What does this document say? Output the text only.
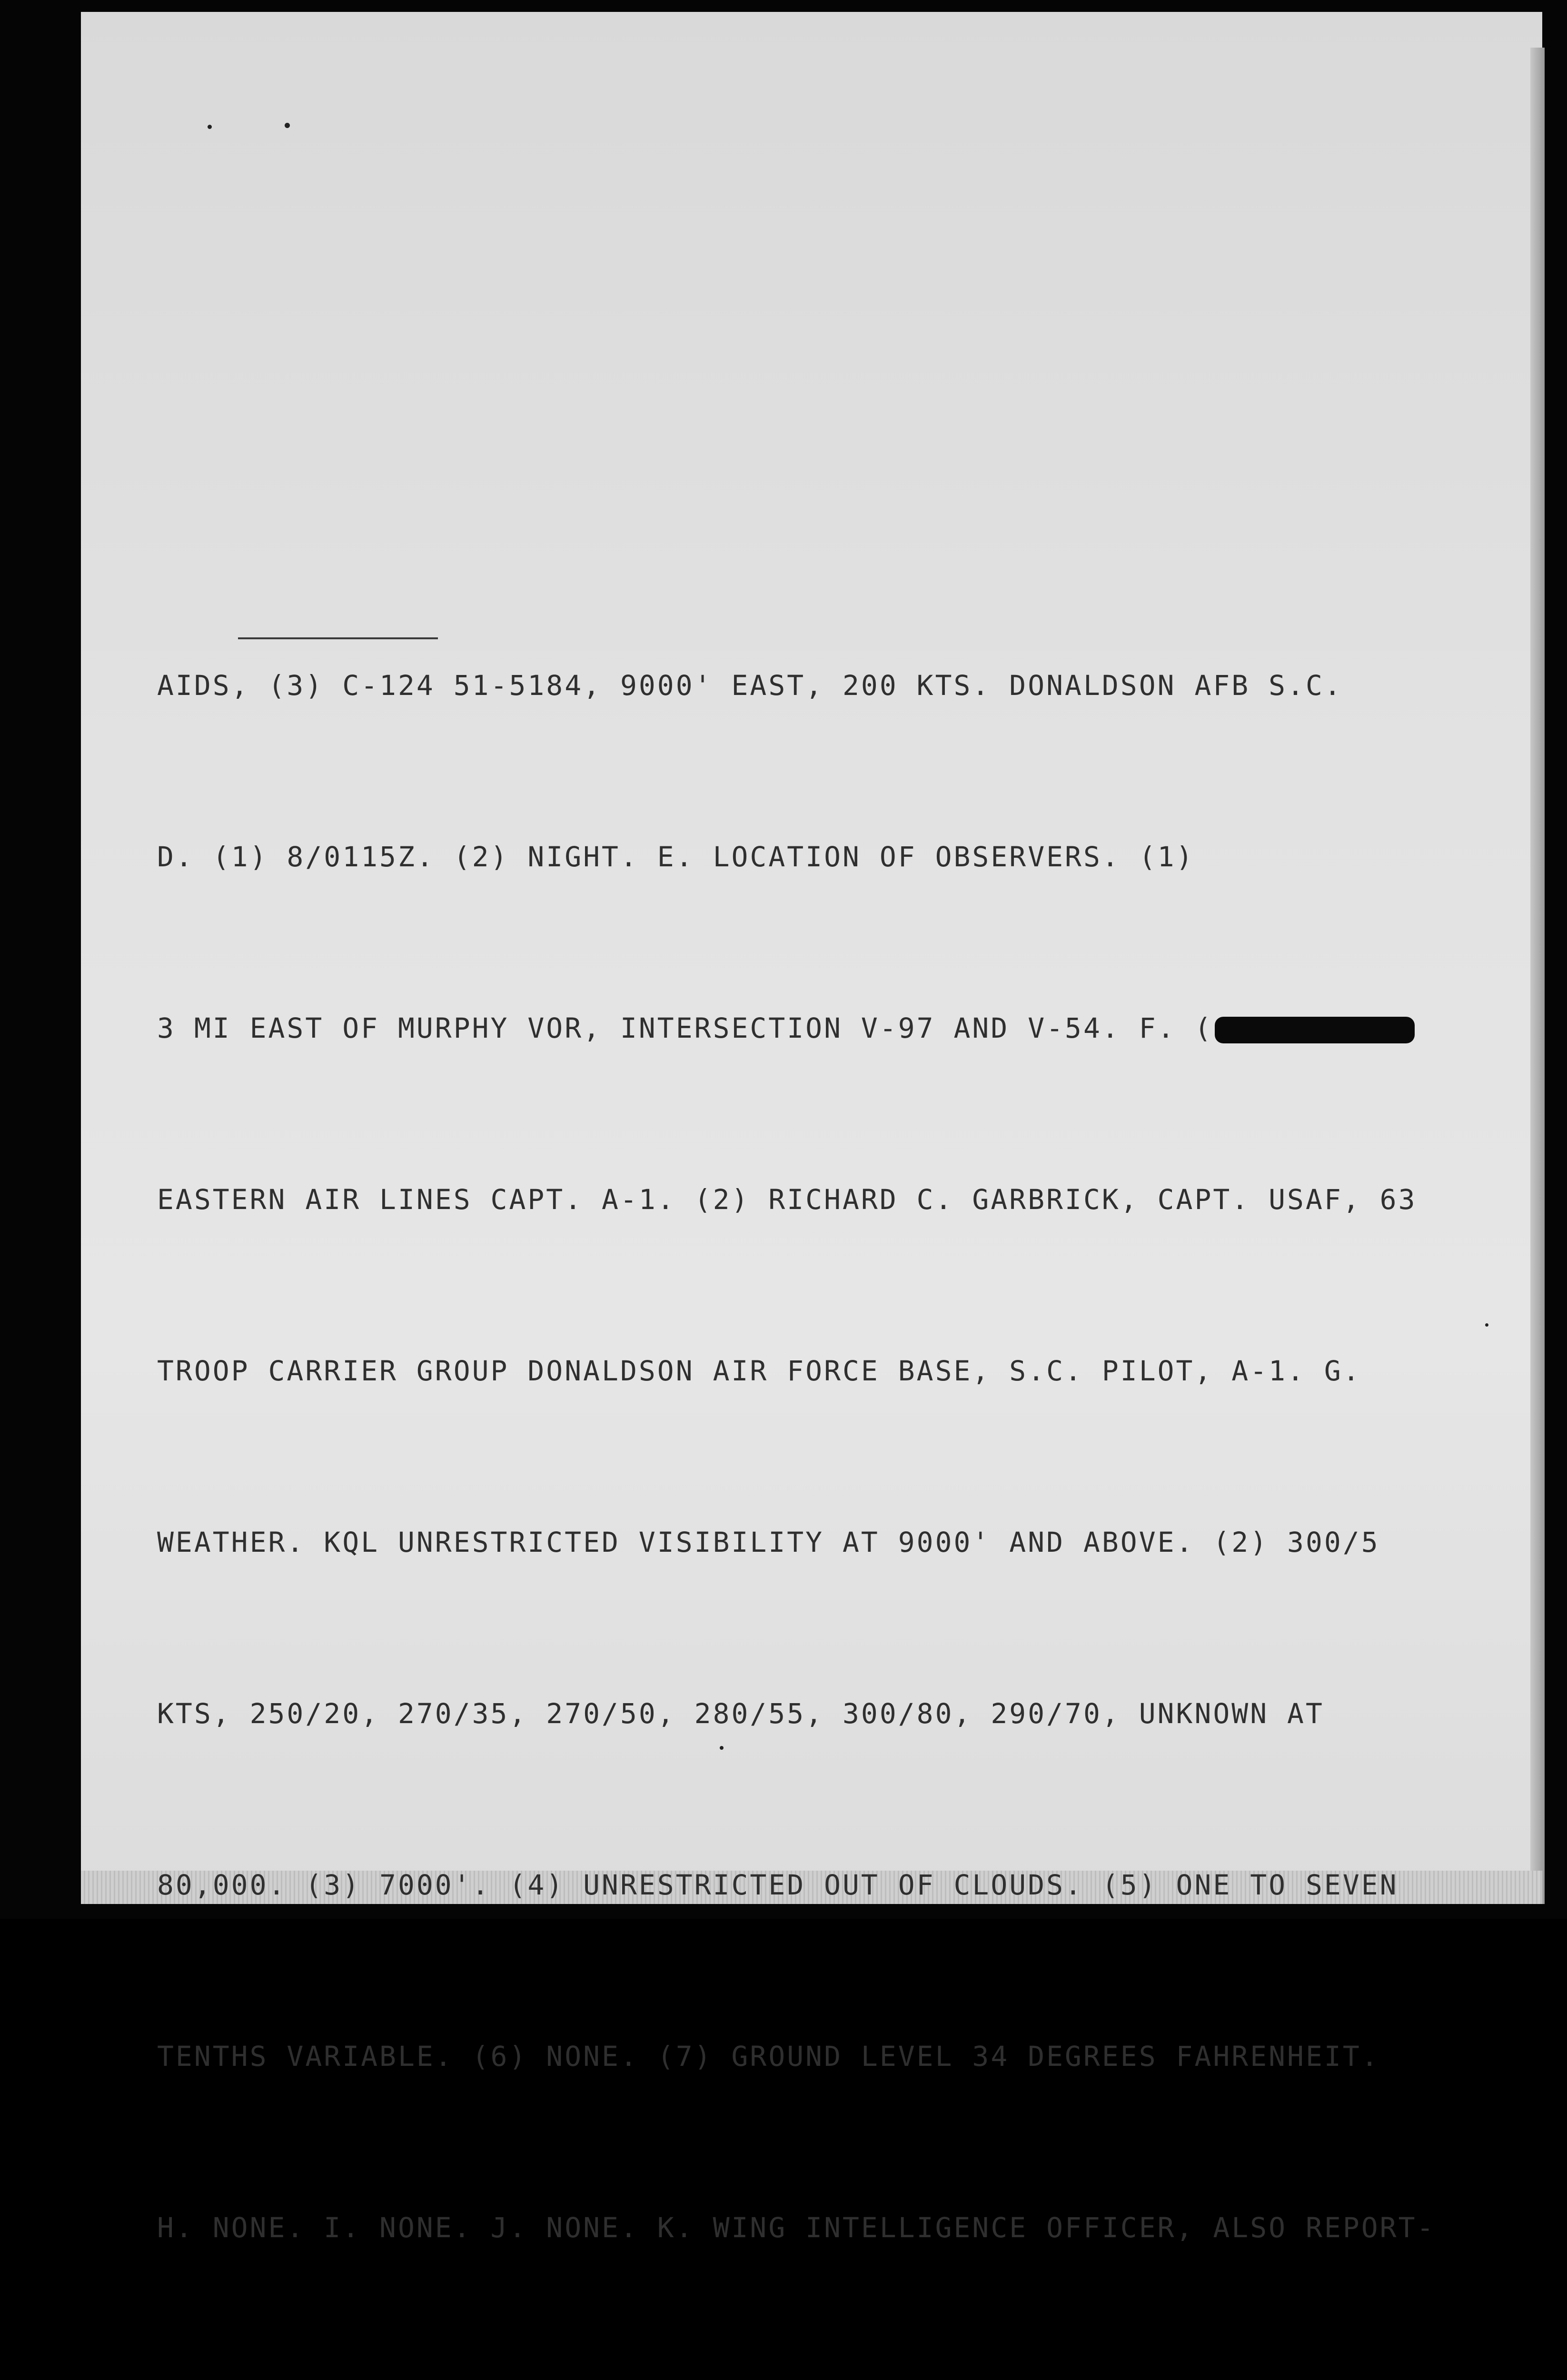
AIDS, (3) C-124 51-5184, 9000' EAST, 200 KTS. DONALDSON AFB S.C.

D. (1) 8/0115Z. (2) NIGHT. E. LOCATION OF OBSERVERS. (1)

3 MI EAST OF MURPHY VOR, INTERSECTION V-97 AND V-54. F. (

EASTERN AIR LINES CAPT. A-1. (2) RICHARD C. GARBRICK, CAPT. USAF, 63

TROOP CARRIER GROUP DONALDSON AIR FORCE BASE, S.C. PILOT, A-1. G.

WEATHER. KQL UNRESTRICTED VISIBILITY AT 9000' AND ABOVE. (2) 300/5

KTS, 250/20, 270/35, 270/50, 280/55, 300/80, 290/70, UNKNOWN AT

80,000. (3) 7000'. (4) UNRESTRICTED OUT OF CLOUDS. (5) ONE TO SEVEN

TENTHS VARIABLE. (6) NONE. (7) GROUND LEVEL 34 DEGREES FAHRENHEIT.

H. NONE. I. NONE. J. NONE. K. WING INTELLIGENCE OFFICER, ALSO REPORT-
